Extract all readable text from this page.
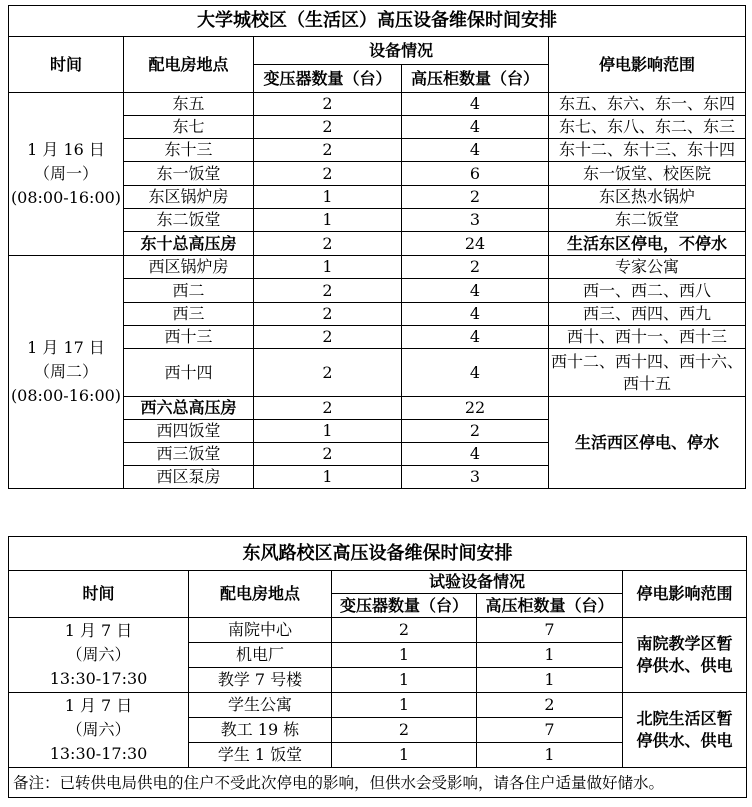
大学城校区（生活区）高压设备维保时间安排				
时间	配电房地点	设备情况		停电影响范围
		变压器数量（台）	高压柜数量（台）	
1 月 16 日
（周一）
(08:00-16:00)	东五	2	4	东五、东六、东一、东四
	东七	2	4	东七、东八、东二、东三
	东十三	2	4	东十二、东十三、东十四
	东一饭堂	2	6	东一饭堂、校医院
	东区锅炉房	1	2	东区热水锅炉
	东二饭堂	1	3	东二饭堂
	东十总高压房	2	24	生活东区停电，不停水
1 月 17 日
（周二）
(08:00-16:00)	西区锅炉房	1	2	专家公寓
	西二	2	4	西一、西二、西八
	西三	2	4	西三、西四、西九
	西十三	2	4	西十、西十一、西十三
	西十四	2	4	西十二、西十四、西十六、
西十五
	西六总高压房	2	22	生活西区停电、停水
	西四饭堂	1	2	
	西三饭堂	2	4	
	西区泵房	1	3	
东风路校区高压设备维保时间安排				
时间	配电房地点	试验设备情况		停电影响范围
		变压器数量（台）	高压柜数量（台）	
1 月 7 日
（周六）
13:30-17:30	南院中心	2	7	南院教学区暂
停供水、供电
	机电厂	1	1	
	教学 7 号楼	1	1	
1 月 7 日
（周六）
13:30-17:30	学生公寓	1	2	北院生活区暂
停供水、供电
	教工 19 栋	2	7	
	学生 1 饭堂	1	1	
备注：已转供电局供电的住户不受此次停电的影响，但供水会受影响，请各住户适量做好储水。				
